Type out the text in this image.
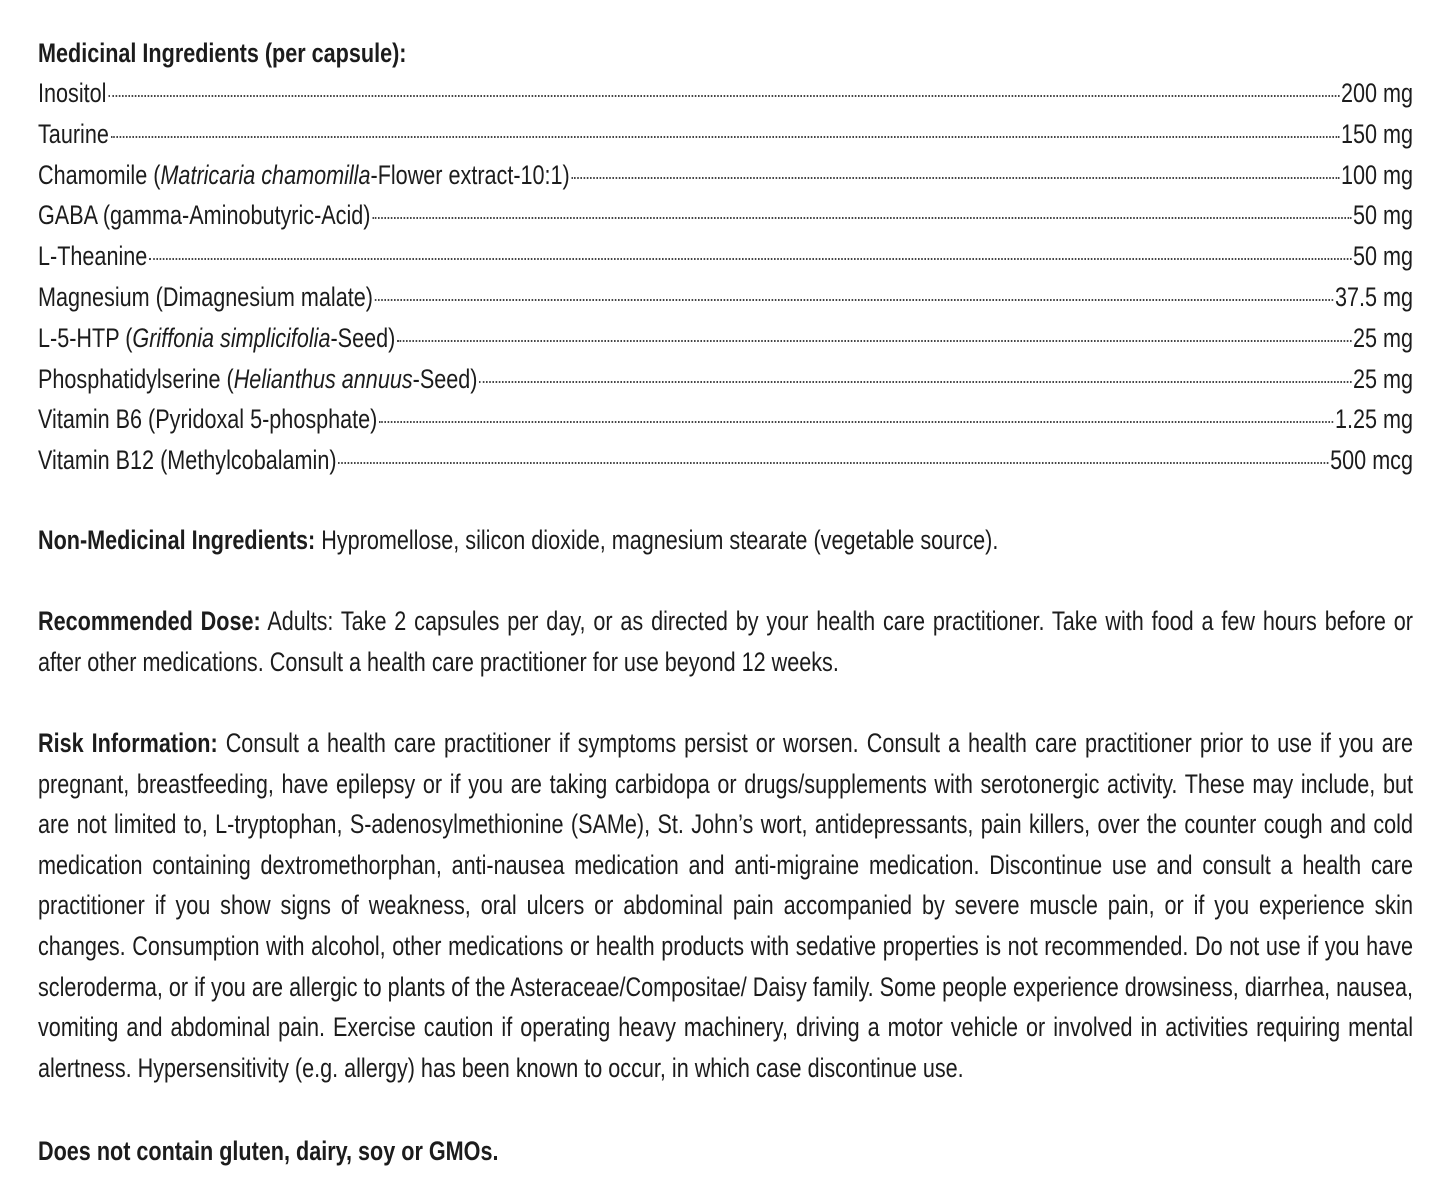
Medicinal Ingredients (per capsule):
Inositol	200 mg
Taurine	150 mg
Chamomile (Matricaria chamomilla-Flower extract-10:1)	100 mg
GABA (gamma-Aminobutyric-Acid)	50 mg
L-Theanine	50 mg
Magnesium (Dimagnesium malate)	37.5 mg
L-5-HTP (Griffonia simplicifolia-Seed)	25 mg
Phosphatidylserine (Helianthus annuus-Seed)	25 mg
Vitamin B6 (Pyridoxal 5-phosphate)	1.25 mg
Vitamin B12 (Methylcobalamin)	500 mcg
Non-Medicinal Ingredients: Hypromellose, silicon dioxide, magnesium stearate (vegetable source).
Recommended Dose: Adults: Take 2 capsules per day, or as directed by your health care practitioner. Take with food a few hours before or after other medications. Consult a health care practitioner for use beyond 12 weeks.
Risk Information: Consult a health care practitioner if symptoms persist or worsen. Consult a health care practitioner prior to use if you are pregnant, breastfeeding, have epilepsy or if you are taking carbidopa or drugs/supplements with serotonergic activity. These may include, but are not limited to, L-tryptophan, S-adenosylmethionine (SAMe), St. John’s wort, antidepressants, pain killers, over the counter cough and cold medication containing dextromethorphan, anti-nausea medication and anti-migraine medication. Discontinue use and consult a health care practitioner if you show signs of weakness, oral ulcers or abdominal pain accompanied by severe muscle pain, or if you experience skin changes. Consumption with alcohol, other medications or health products with sedative properties is not recommended. Do not use if you have scleroderma, or if you are allergic to plants of the Asteraceae/Compositae/ Daisy family. Some people experience drowsiness, diarrhea, nausea, vomiting and abdominal pain. Exercise caution if operating heavy machinery, driving a motor vehicle or involved in activities requiring mental alertness. Hypersensitivity (e.g. allergy) has been known to occur, in which case discontinue use.
Does not contain gluten, dairy, soy or GMOs.
